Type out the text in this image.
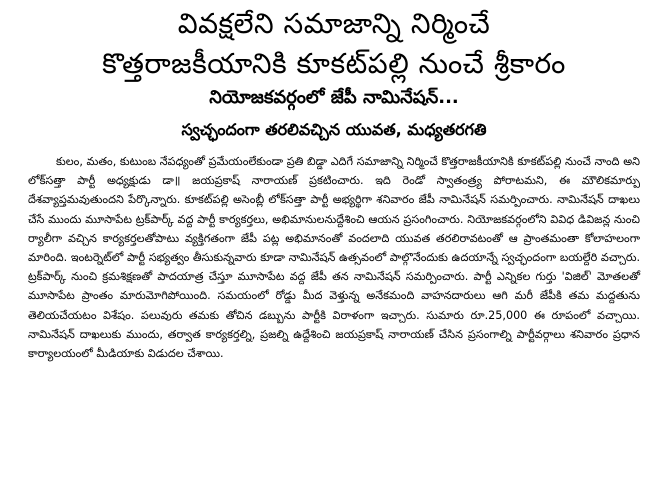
వివక్షలేని సమాజాన్ని నిర్మించే
కొత్తరాజకీయానికి కూకట్‌పల్లి నుంచే శ్రీకారం
నియోజకవర్గంలో జేపీ నామినేషన్...
స్వచ్ఛందంగా తరలివచ్చిన యువత, మధ్యతరగతి

కులం, మతం, కుటుంబ నేపధ్యంతో ప్రమేయంలేకుండా ప్రతి బిడ్డా ఎదిగే సమాజాన్ని నిర్మించే కొత్తరాజకీయానికి కూకట్‌పల్లి నుంచే నాంది అని లోక్‌సత్తా పార్టీ అధ్యక్షుడు డా॥ జయప్రకాష్ నారాయణ్ ప్రకటించారు. ఇది రెండో స్వాతంత్ర్య పోరాటమని, ఈ మౌలికమార్పు దేశవ్యాప్తమవుతుందని పేర్కొన్నారు. కూకట్‌పల్లి అసెంబ్లీ లోక్‌సత్తా పార్టీ అభ్యర్థిగా శనివారం జేపీ నామినేషన్ సమర్పించారు. నామినేషన్ దాఖలు చేసే ముందు మూసాపేట ట్రక్‌పార్క్ వద్ద పార్టీ కార్యకర్తలు, అభిమానులనుద్దేశించి ఆయన ప్రసంగించారు. నియోజకవర్గంలోని వివిధ డివిజన్ల నుంచి ర్యాలీగా వచ్చిన కార్యకర్తలతోపాటు వ్యక్తిగతంగా జేపీ పట్ల అభిమానంతో వందలాది యువత తరలిరావటంతో ఆ ప్రాంతమంతా కోలాహలంగా మారింది. ఇంటర్నెట్‌లో పార్టీ సభ్యత్వం తీసుకున్నవారు కూడా నామినేషన్ ఉత్సవంలో పాల్గొనేందుకు ఉదయాన్నే స్వచ్ఛందంగా బయల్దేరి వచ్చారు. ట్రక్‌పార్క్ నుంచి క్రమశిక్షణతో పాదయాత్ర చేస్తూ మూసాపేట వద్ద జేపీ తన నామినేషన్ సమర్పించారు. పార్టీ ఎన్నికల గుర్తు 'విజిల్' మోతలతో మూసాపేట ప్రాంతం మారుమోగిపోయింది. సమయంలో రోడ్డు మీద వెళ్తున్న అనేకమంది వాహనదారులు ఆగి మరీ జేపీకి తమ మద్దతును తెలియచేయటం విశేషం. పలువురు తమకు తోచిన డబ్బును పార్టీకి విరాళంగా ఇచ్చారు. సుమారు రూ.25,000 ఈ రూపంలో వచ్చాయి. నామినేషన్ దాఖలుకు ముందు, తర్వాత కార్యకర్తల్ని, ప్రజల్ని ఉద్దేశించి జయప్రకాష్ నారాయణ్ చేసిన ప్రసంగాల్ని పార్టీవర్గాలు శనివారం ప్రధాన కార్యాలయంలో మీడియాకు విడుదల చేశాయి.
